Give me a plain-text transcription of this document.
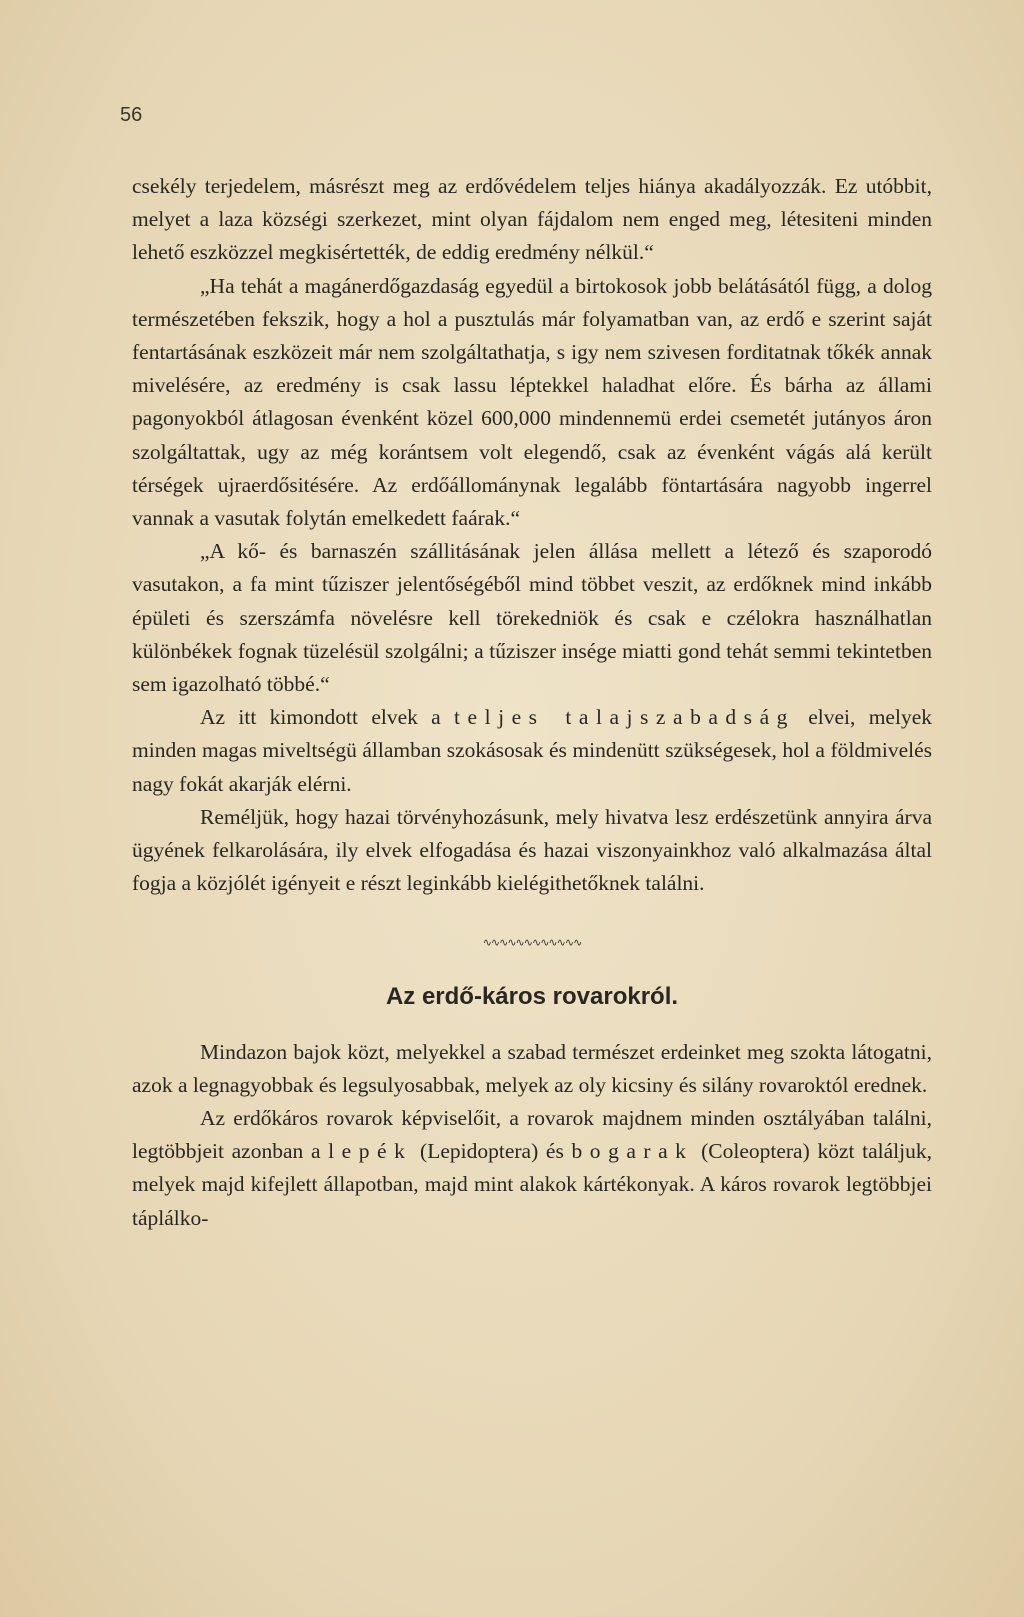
56

csekély terjedelem, másrészt meg az erdővédelem teljes hiánya akadályozzák. Ez utóbbit, melyet a laza községi szerkezet, mint olyan fájdalom nem enged meg, létesiteni minden lehető eszközzel megkisértették, de eddig eredmény nélkül.“

„Ha tehát a magánerdőgazdaság egyedül a birtokosok jobb belátásától függ, a dolog természetében fekszik, hogy a hol a pusztulás már folyamatban van, az erdő e szerint saját fentartásának eszközeit már nem szolgáltathatja, s igy nem szivesen forditatnak tőkék annak mivelésére, az eredmény is csak lassu léptekkel haladhat előre. És bárha az állami pagonyokból átlagosan évenként közel 600,000 mindennemü erdei csemetét jutányos áron szolgáltattak, ugy az még korántsem volt elegendő, csak az évenként vágás alá került térségek ujraerdősitésére. Az erdőállománynak legalább föntartására nagyobb ingerrel vannak a vasutak folytán emelkedett faárak.“

„A kő- és barnaszén szállitásának jelen állása mellett a létező és szaporodó vasutakon, a fa mint tűziszer jelentőségéből mind többet veszit, az erdőknek mind inkább épületi és szerszámfa növelésre kell törekedniök és csak e czélokra használhatlan különbékek fognak tüzelésül szolgálni; a tűziszer insége miatti gond tehát semmi tekintetben sem igazolható többé.“

Az itt kimondott elvek a teljes talajszabadság elvei, melyek minden magas miveltségü államban szokásosak és mindenütt szükségesek, hol a földmivelés nagy fokát akarják elérni.

Reméljük, hogy hazai törvényhozásunk, mely hivatva lesz erdészetünk annyira árva ügyének felkarolására, ily elvek elfogadása és hazai viszonyainkhoz való alkalmazása által fogja a közjólét igényeit e részt leginkább kielégithetőknek találni.

∿∿∿∿∿∿∿∿∿∿∿∿
Az erdő-káros rovarokról.

Mindazon bajok közt, melyekkel a szabad természet erdeinket meg szokta látogatni, azok a legnagyobbak és legsulyosabbak, melyek az oly kicsiny és silány rovaroktól erednek.

Az erdőkáros rovarok képviselőit, a rovarok majdnem minden osztályában találni, legtöbbjeit azonban a lepék (Lepidoptera) és bogarak (Coleoptera) közt találjuk, melyek majd kifejlett állapotban, majd mint alakok kártékonyak. A káros rovarok legtöbbjei táplálko-
